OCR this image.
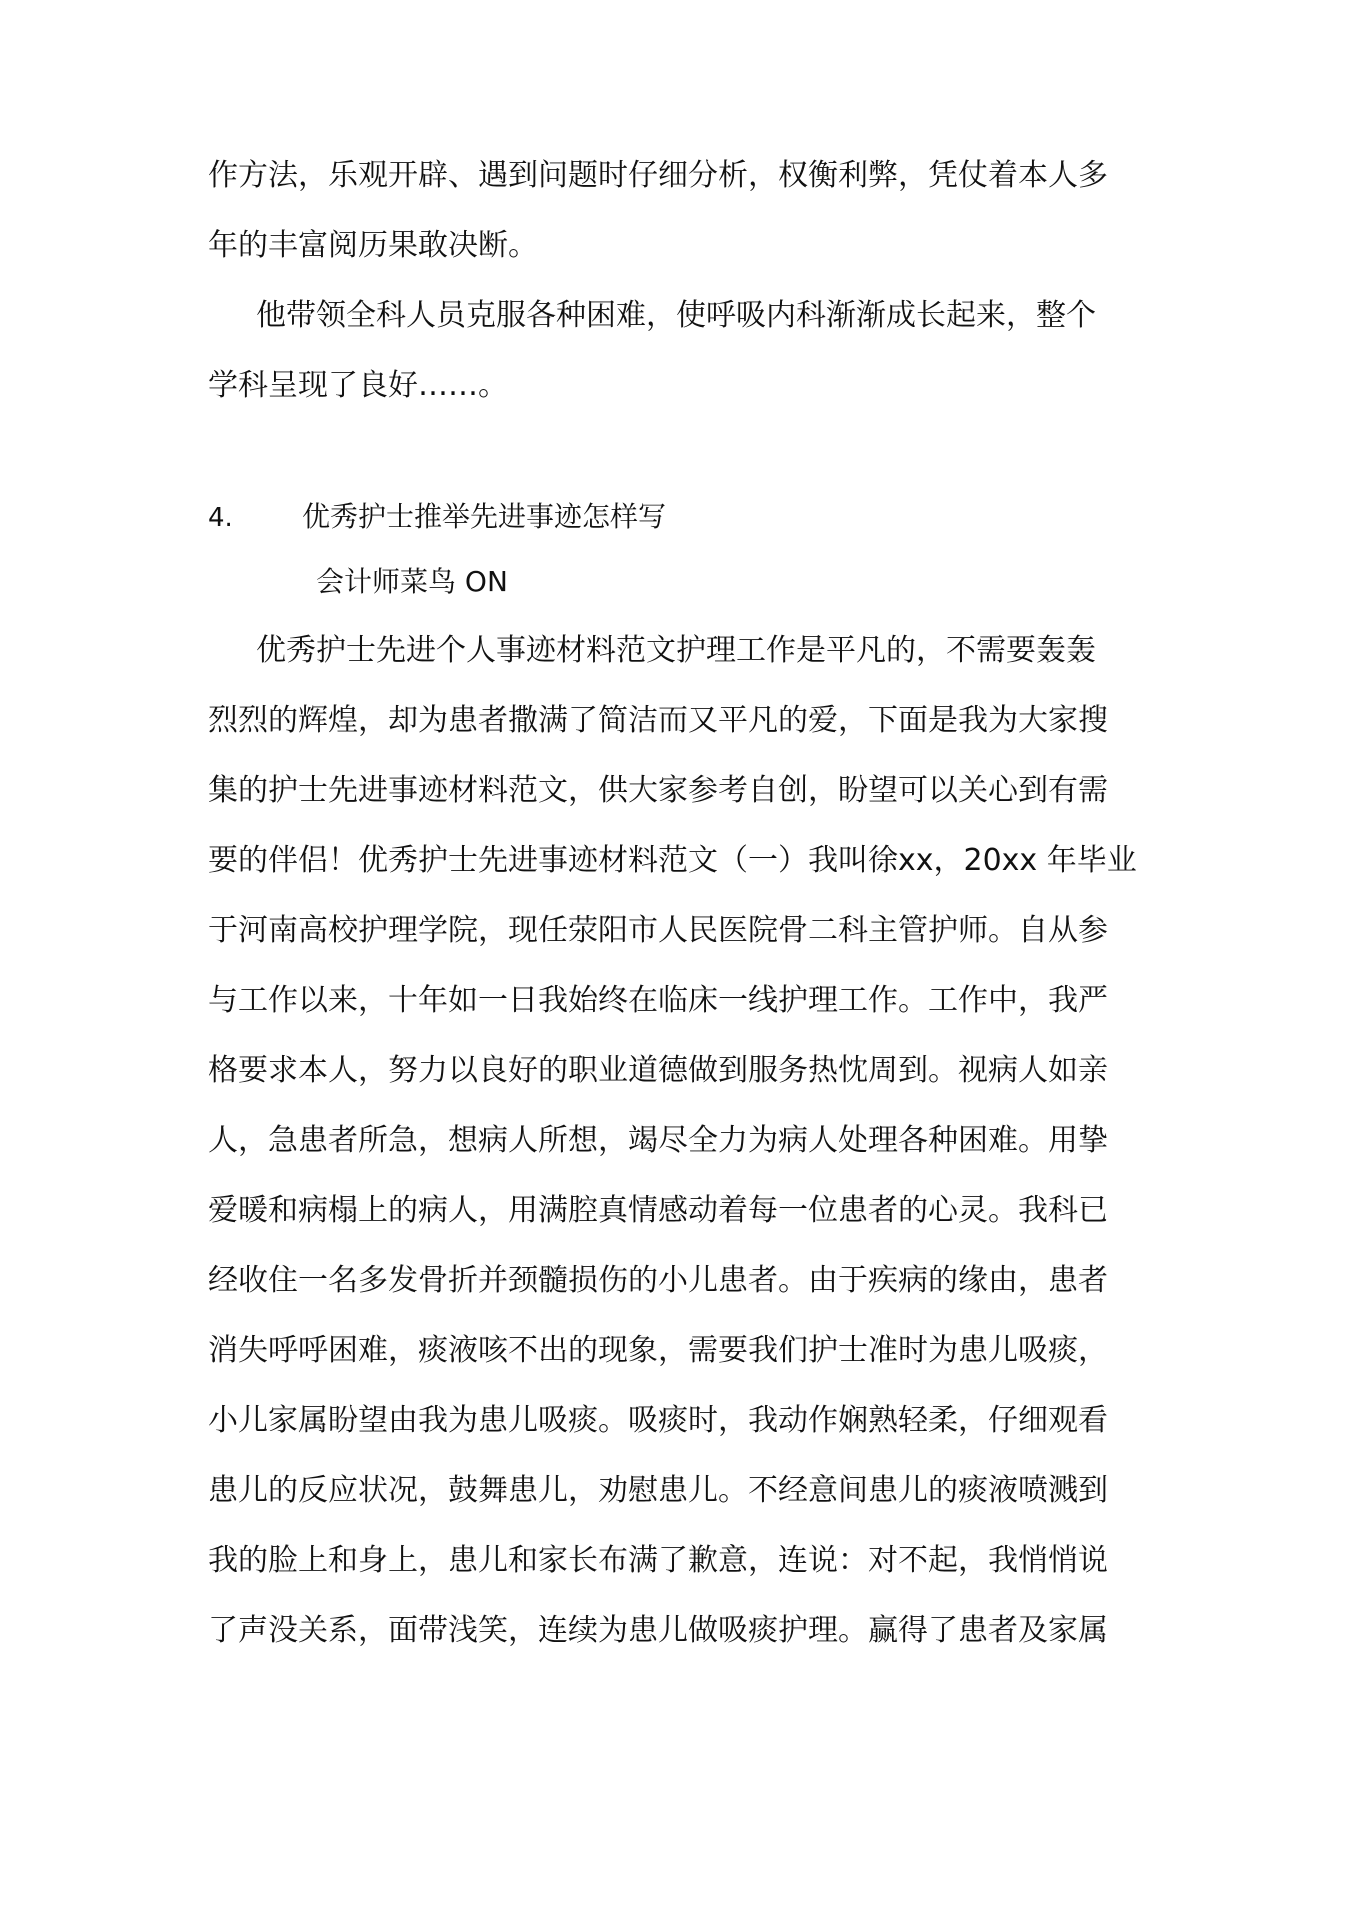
作方法，乐观开辟、遇到问题时仔细分析，权衡利弊，凭仗着本人多
年的丰富阅历果敢决断。
他带领全科人员克服各种困难，使呼吸内科渐渐成长起来，整个
学科呈现了良好……。
4. 优秀护士推举先进事迹怎样写
会计师菜鸟 ON
优秀护士先进个人事迹材料范文护理工作是平凡的，不需要轰轰
烈烈的辉煌，却为患者撒满了简洁而又平凡的爱，下面是我为大家搜
集的护士先进事迹材料范文，供大家参考自创，盼望可以关心到有需
要的伴侣！优秀护士先进事迹材料范文（一）我叫徐xx，20xx 年毕业
于河南高校护理学院，现任荥阳市人民医院骨二科主管护师。自从参
与工作以来，十年如一日我始终在临床一线护理工作。工作中，我严
格要求本人，努力以良好的职业道德做到服务热忱周到。视病人如亲
人，急患者所急，想病人所想，竭尽全力为病人处理各种困难。用挚
爱暖和病榻上的病人，用满腔真情感动着每一位患者的心灵。我科已
经收住一名多发骨折并颈髓损伤的小儿患者。由于疾病的缘由，患者
消失呼呼困难，痰液咳不出的现象，需要我们护士准时为患儿吸痰，
小儿家属盼望由我为患儿吸痰。吸痰时，我动作娴熟轻柔，仔细观看
患儿的反应状况，鼓舞患儿，劝慰患儿。不经意间患儿的痰液喷溅到
我的脸上和身上，患儿和家长布满了歉意，连说：对不起，我悄悄说
了声没关系，面带浅笑，连续为患儿做吸痰护理。赢得了患者及家属
